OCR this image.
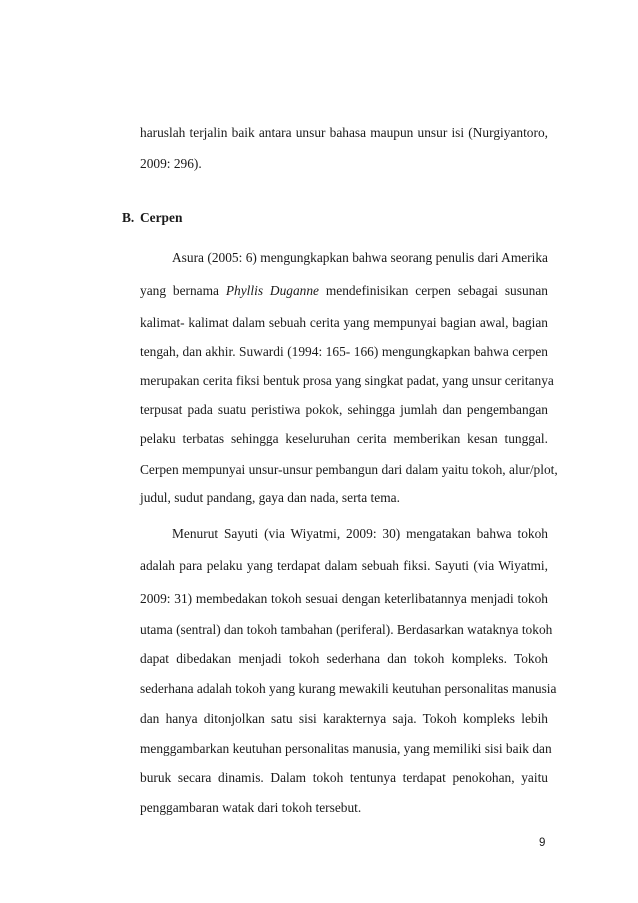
haruslah terjalin baik antara unsur bahasa maupun unsur isi (Nurgiyantoro,
2009: 296).
B. Cerpen
Asura (2005: 6) mengungkapkan bahwa seorang penulis dari Amerika
yang bernama Phyllis Duganne mendefinisikan cerpen sebagai susunan
kalimat- kalimat dalam sebuah cerita yang mempunyai bagian awal, bagian
tengah, dan akhir. Suwardi (1994: 165- 166) mengungkapkan bahwa cerpen
merupakan cerita fiksi bentuk prosa yang singkat padat, yang unsur ceritanya
terpusat pada suatu peristiwa pokok, sehingga jumlah dan pengembangan
pelaku terbatas sehingga keseluruhan cerita memberikan kesan tunggal.
Cerpen mempunyai unsur-unsur pembangun dari dalam yaitu tokoh, alur/plot,
judul, sudut pandang, gaya dan nada, serta tema.
Menurut Sayuti (via Wiyatmi, 2009: 30) mengatakan bahwa tokoh
adalah para pelaku yang terdapat dalam sebuah fiksi. Sayuti (via Wiyatmi,
2009: 31) membedakan tokoh sesuai dengan keterlibatannya menjadi tokoh
utama (sentral) dan tokoh tambahan (periferal). Berdasarkan wataknya tokoh
dapat dibedakan menjadi tokoh sederhana dan tokoh kompleks. Tokoh
sederhana adalah tokoh yang kurang mewakili keutuhan personalitas manusia
dan hanya ditonjolkan satu sisi karakternya saja. Tokoh kompleks lebih
menggambarkan keutuhan personalitas manusia, yang memiliki sisi baik dan
buruk secara dinamis. Dalam tokoh tentunya terdapat penokohan, yaitu
penggambaran watak dari tokoh tersebut.
9
